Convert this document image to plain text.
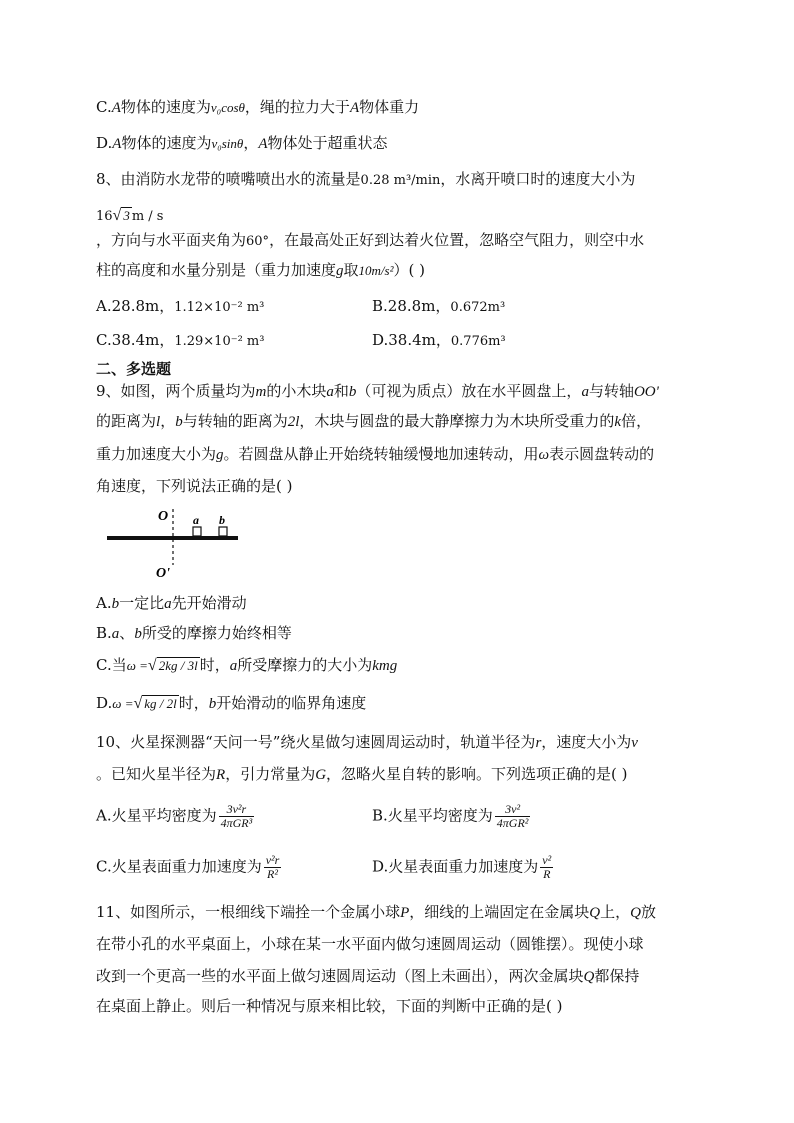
C.A物体的速度为v₀cosθ，绳的拉力大于A物体重力
D.A物体的速度为v₀sinθ，A物体处于超重状态
8、由消防水龙带的喷嘴喷出水的流量是0.28 m³/min，水离开喷口时的速度大小为
16√ 3 m / s
，方向与水平面夹角为60°，在最高处正好到达着火位置，忽略空气阻力，则空中水
柱的高度和水量分别是（重力加速度g取10m/s²）( )
A.28.8m，1.12×10⁻² m³	B.28.8m，0.672m³
C.38.4m，1.29×10⁻² m³	D.38.4m，0.776m³
二、多选题
9、如图，两个质量均为m的小木块a和b（可视为质点）放在水平圆盘上，a与转轴OO'
的距离为l，b与转轴的距离为2l，木块与圆盘的最大静摩擦力为木块所受重力的k倍，
重力加速度大小为g。若圆盘从静止开始绕转轴缓慢地加速转动，用ω表示圆盘转动的
角速度，下列说法正确的是( )
O
O'
a b
A.b一定比a先开始滑动
B.a、b所受的摩擦力始终相等
C.当ω =√ 2kg / 3l 时，a所受摩擦力的大小为kmg
D.ω =√ kg / 2l 时，b开始滑动的临界角速度
10、火星探测器“天问一号”绕火星做匀速圆周运动时，轨道半径为r，速度大小为v
。已知火星半径为R，引力常量为G，忽略火星自转的影响。下列选项正确的是( )
A.火星平均密度为 $\frac{\text{3v²r}}{\text{4πGR³}}$	B.火星平均密度为 $\frac{\text{3v²}}{\text{4πGR²}}$
C.火星表面重力加速度为 $\frac{\text{v²r}}{\text{R²}}$	D.火星表面重力加速度为 $\frac{\text{v²}}{R}$
11、如图所示，一根细线下端拴一个金属小球P，细线的上端固定在金属块Q上，Q放
在带小孔的水平桌面上，小球在某一水平面内做匀速圆周运动（圆锥摆）。现使小球
改到一个更高一些的水平面上做匀速圆周运动（图上未画出），两次金属块Q都保持
在桌面上静止。则后一种情况与原来相比较，下面的判断中正确的是( )
